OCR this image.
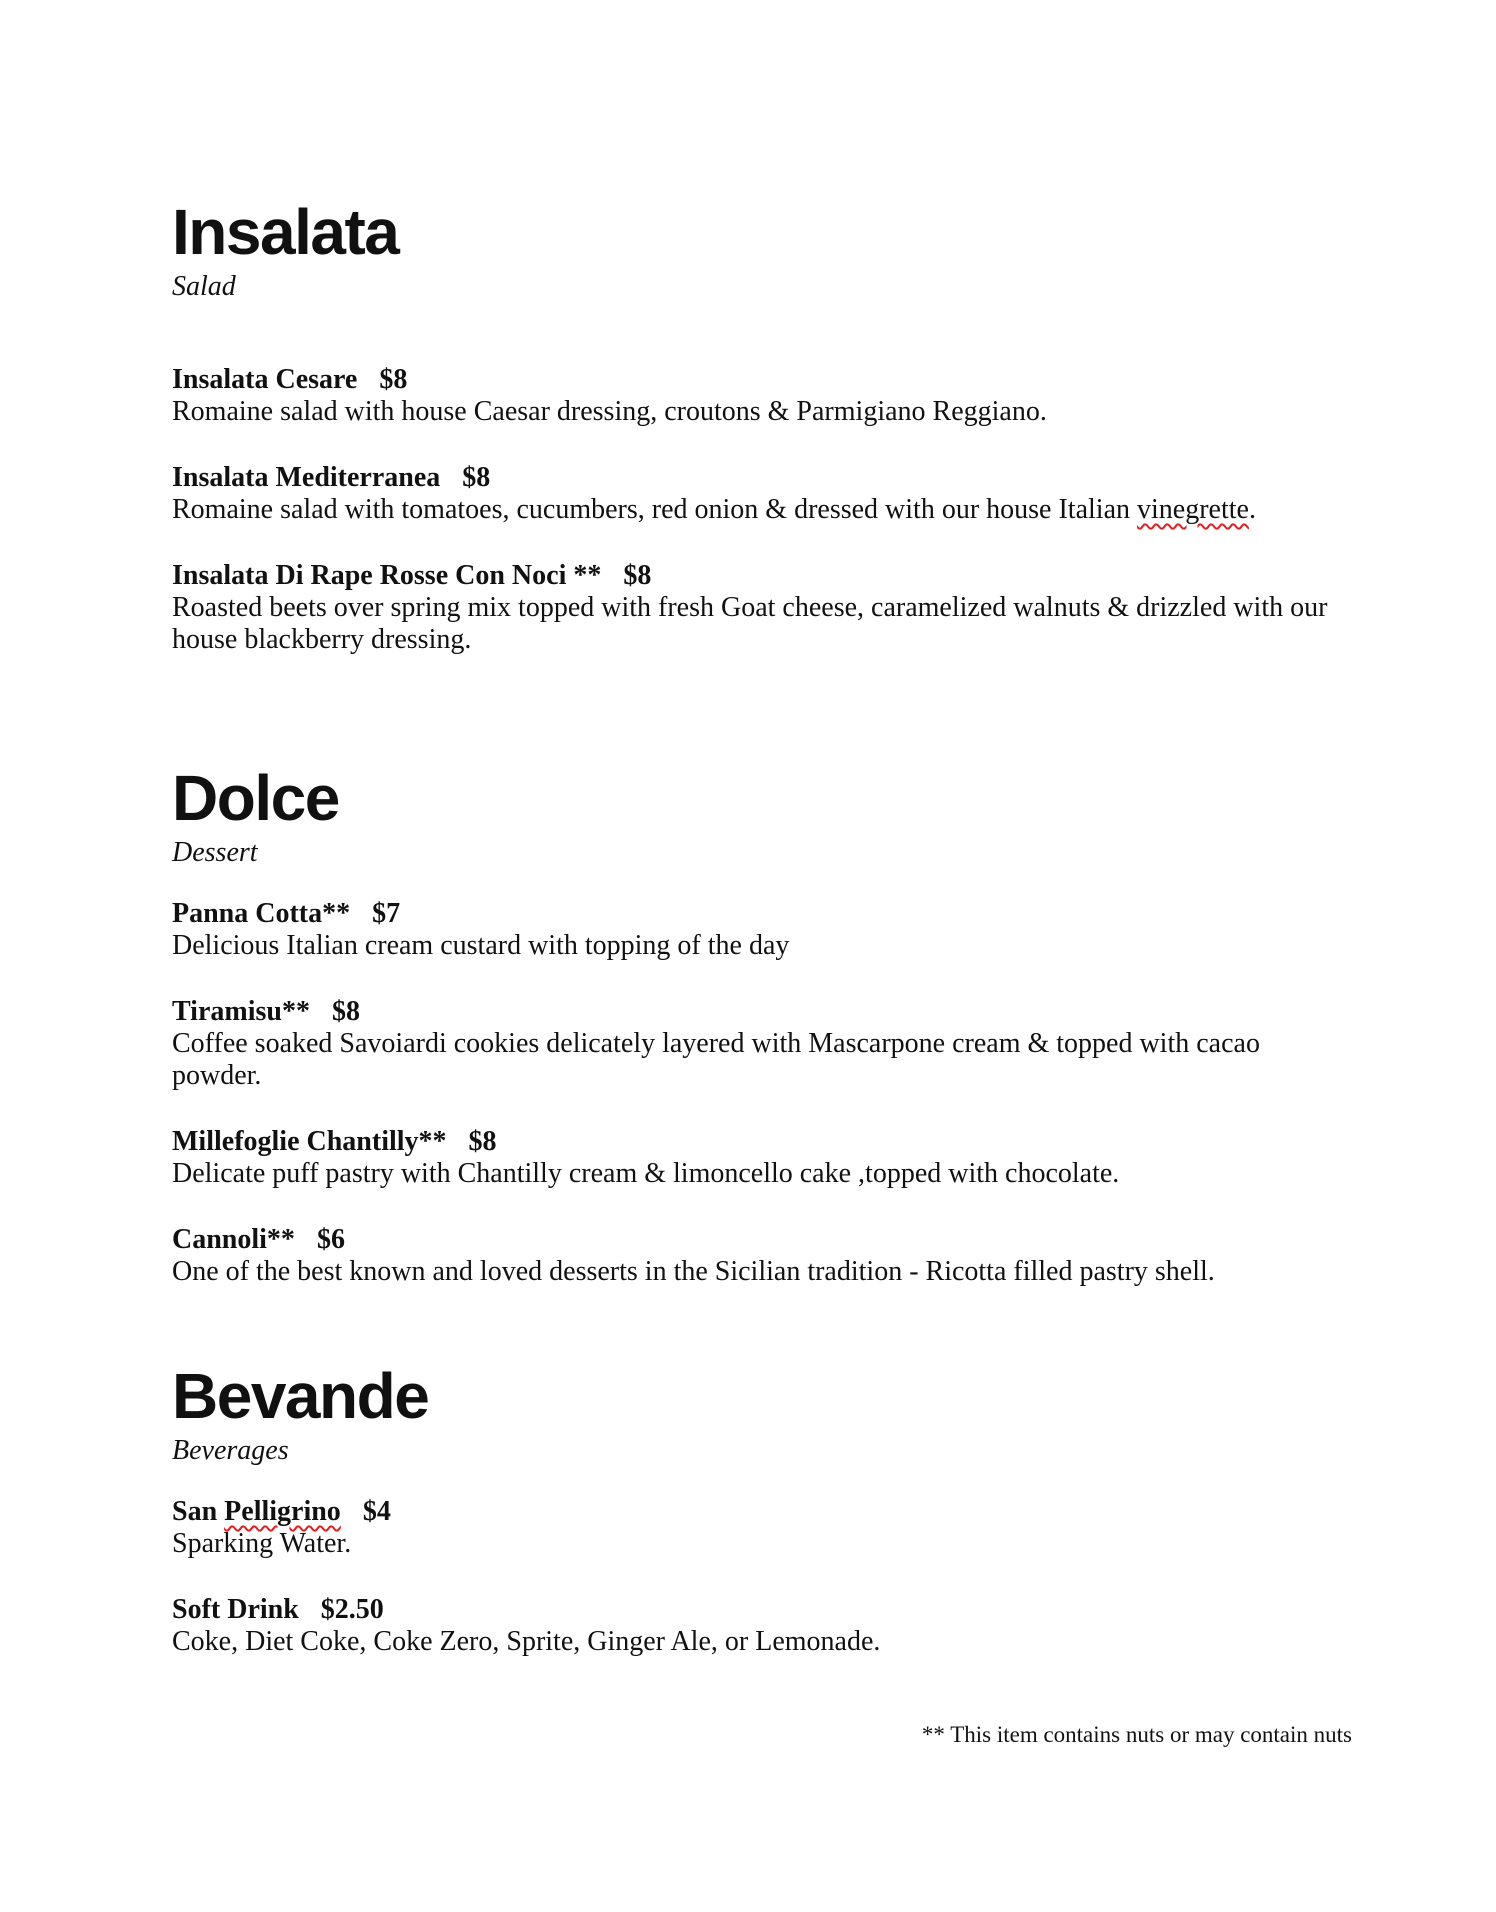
Insalata
Salad
Insalata Cesare $8
Romaine salad with house Caesar dressing, croutons & Parmigiano Reggiano.
Insalata Mediterranea $8
Romaine salad with tomatoes, cucumbers, red onion & dressed with our house Italian vinegrette.
Insalata Di Rape Rosse Con Noci ** $8
Roasted beets over spring mix topped with fresh Goat cheese, caramelized walnuts & drizzled with our house blackberry dressing.
Dolce
Dessert
Panna Cotta** $7
Delicious Italian cream custard with topping of the day
Tiramisu** $8
Coffee soaked Savoiardi cookies delicately layered with Mascarpone cream & topped with cacao powder.
Millefoglie Chantilly** $8
Delicate puff pastry with Chantilly cream & limoncello cake ,topped with chocolate.
Cannoli** $6
One of the best known and loved desserts in the Sicilian tradition - Ricotta filled pastry shell.
Bevande
Beverages
San Pelligrino $4
Sparking Water.
Soft Drink $2.50
Coke, Diet Coke, Coke Zero, Sprite, Ginger Ale, or Lemonade.
** This item contains nuts or may contain nuts
